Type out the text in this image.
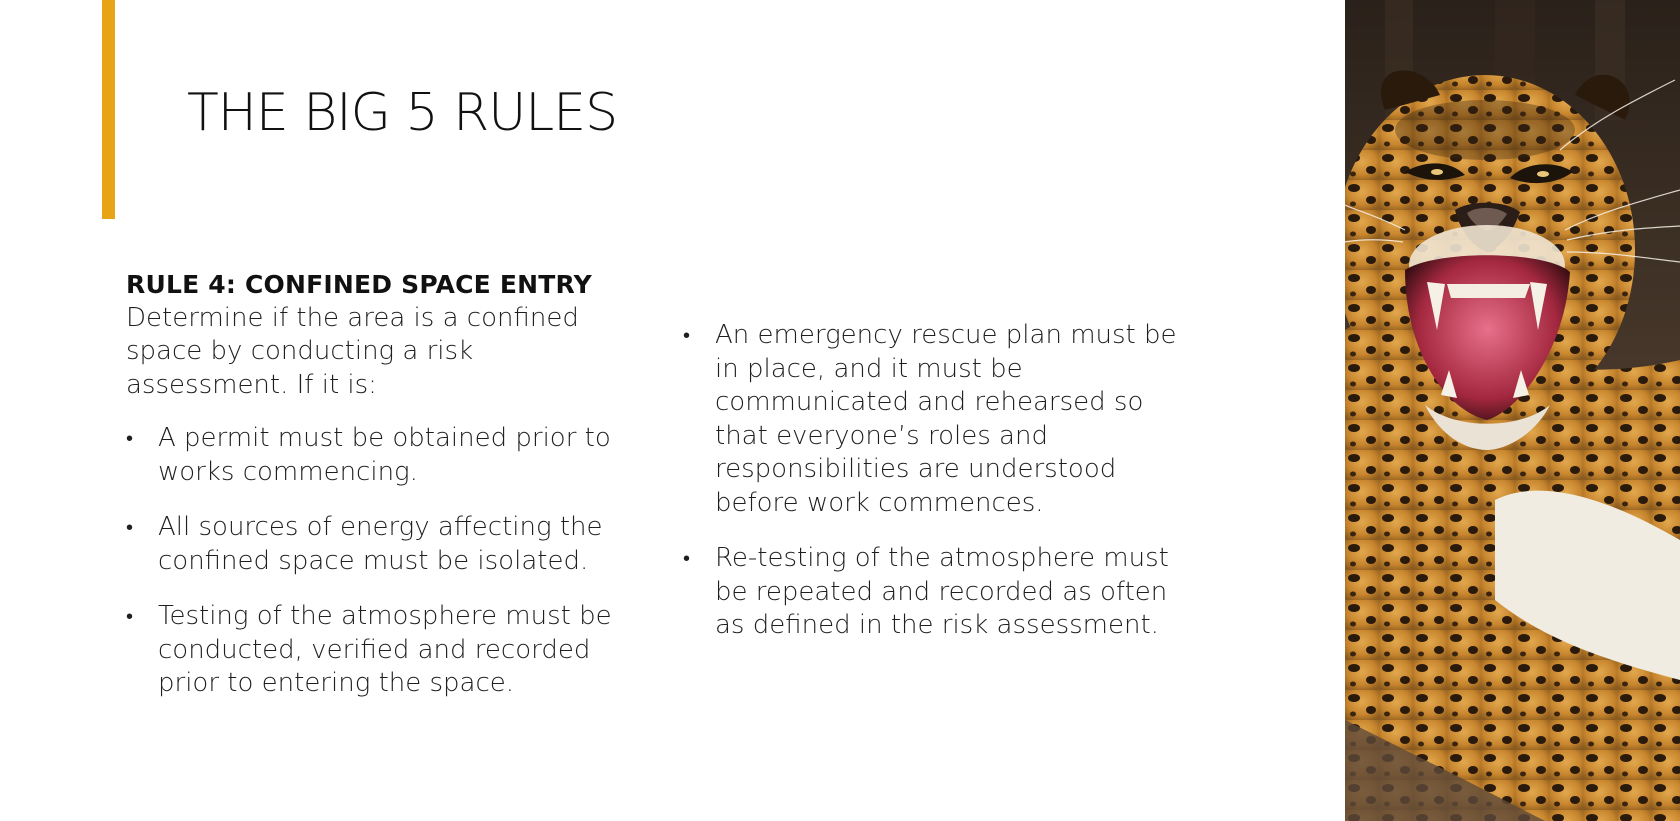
THE BIG 5 RULES

RULE 4: CONFINED SPACE ENTRY

Determine if the area is a confined space by conducting a risk assessment. If it is:

• A permit must be obtained prior to works commencing.
• All sources of energy affecting the confined space must be isolated.
• Testing of the atmosphere must be conducted, verified and recorded prior to entering the space.
• An emergency rescue plan must be in place, and it must be communicated and rehearsed so that everyone’s roles and responsibilities are understood before work commences.
• Re-testing of the atmosphere must be repeated and recorded as often as defined in the risk assessment.
